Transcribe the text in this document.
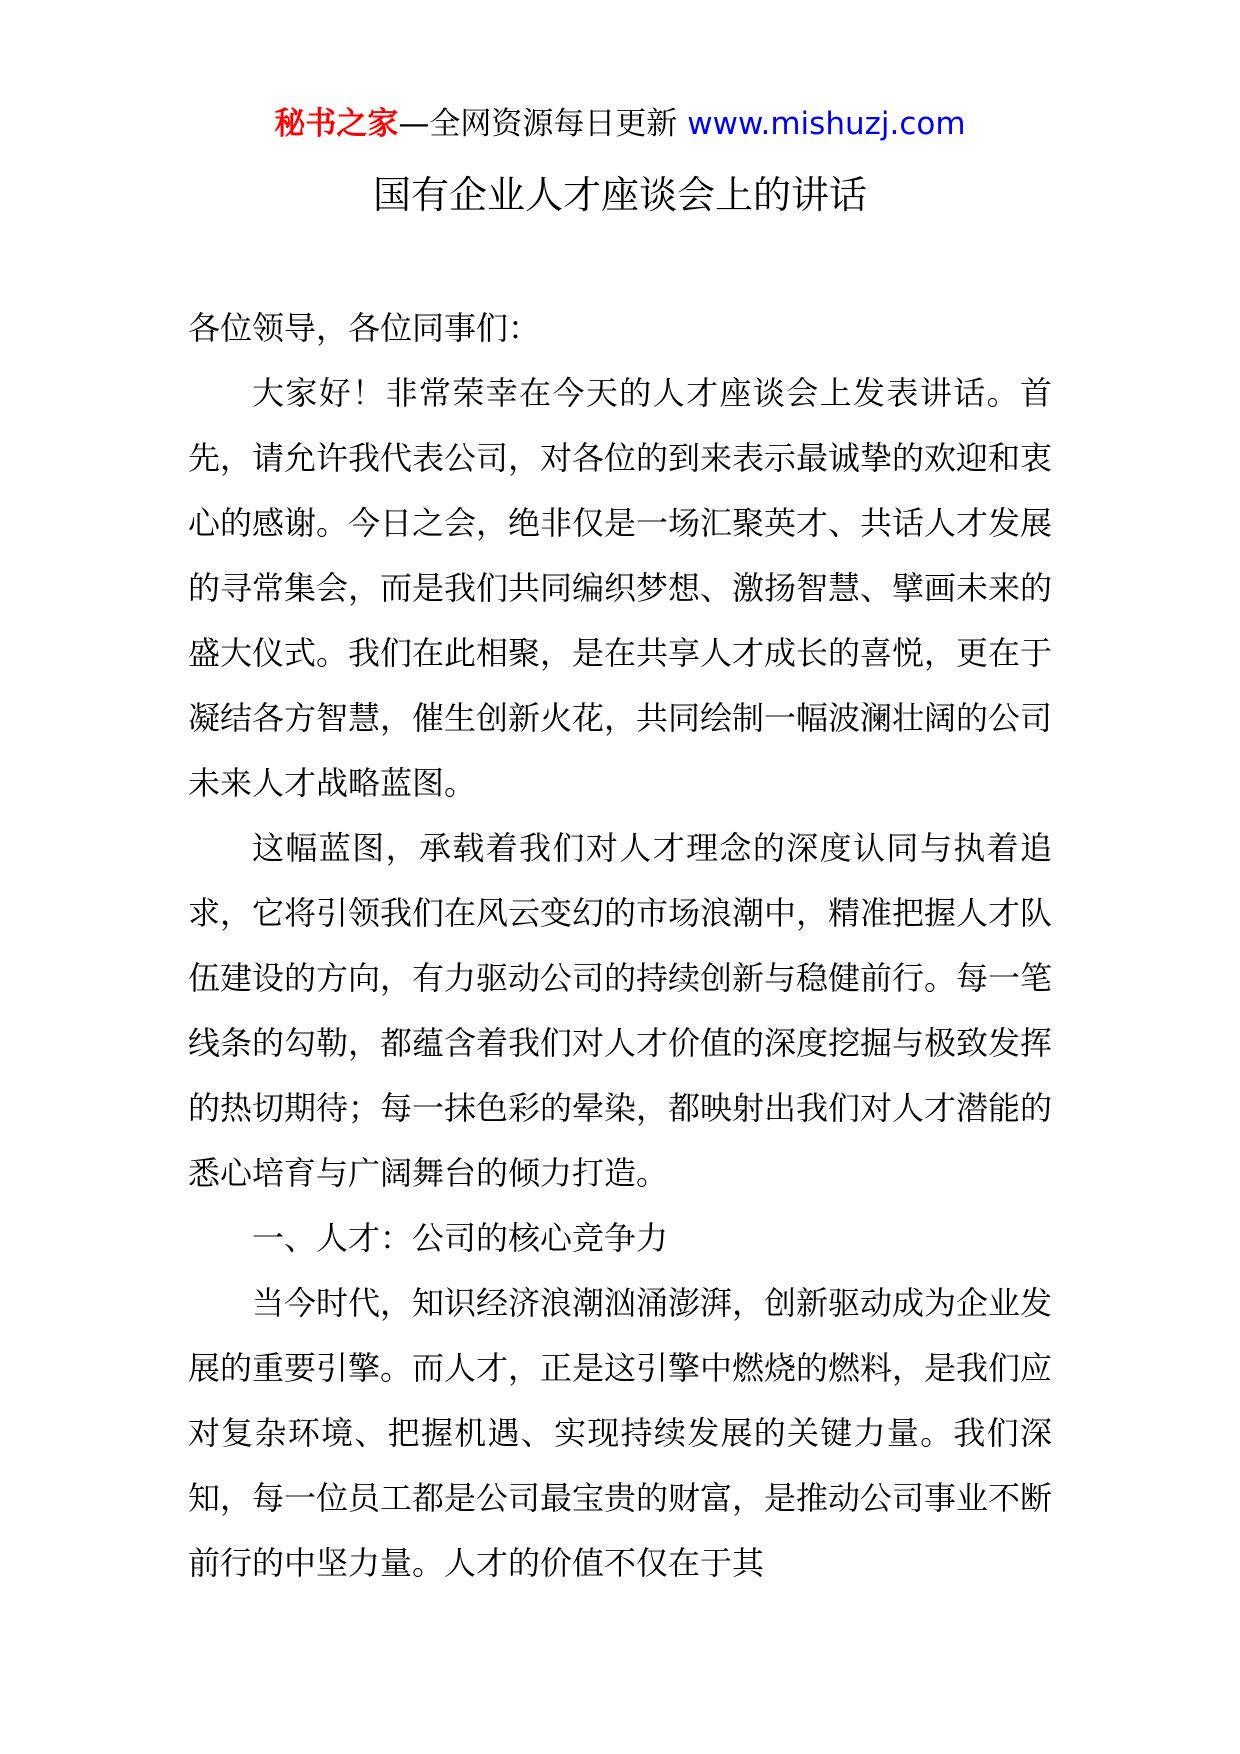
秘书之家—全网资源每日更新 www.mishuzj.com
国有企业人才座谈会上的讲话

各位领导，各位同事们：

大家好！非常荣幸在今天的人才座谈会上发表讲话。首先，请允许我代表公司，对各位的到来表示最诚挚的欢迎和衷心的感谢。今日之会，绝非仅是一场汇聚英才、共话人才发展的寻常集会，而是我们共同编织梦想、激扬智慧、擘画未来的盛大仪式。我们在此相聚，是在共享人才成长的喜悦，更在于凝结各方智慧，催生创新火花，共同绘制一幅波澜壮阔的公司未来人才战略蓝图。

这幅蓝图，承载着我们对人才理念的深度认同与执着追求，它将引领我们在风云变幻的市场浪潮中，精准把握人才队伍建设的方向，有力驱动公司的持续创新与稳健前行。每一笔线条的勾勒，都蕴含着我们对人才价值的深度挖掘与极致发挥的热切期待；每一抹色彩的晕染，都映射出我们对人才潜能的悉心培育与广阔舞台的倾力打造。

一、人才：公司的核心竞争力

当今时代，知识经济浪潮汹涌澎湃，创新驱动成为企业发展的重要引擎。而人才，正是这引擎中燃烧的燃料，是我们应对复杂环境、把握机遇、实现持续发展的关键力量。我们深知，每一位员工都是公司最宝贵的财富，是推动公司事业不断前行的中坚力量。人才的价值不仅在于其
